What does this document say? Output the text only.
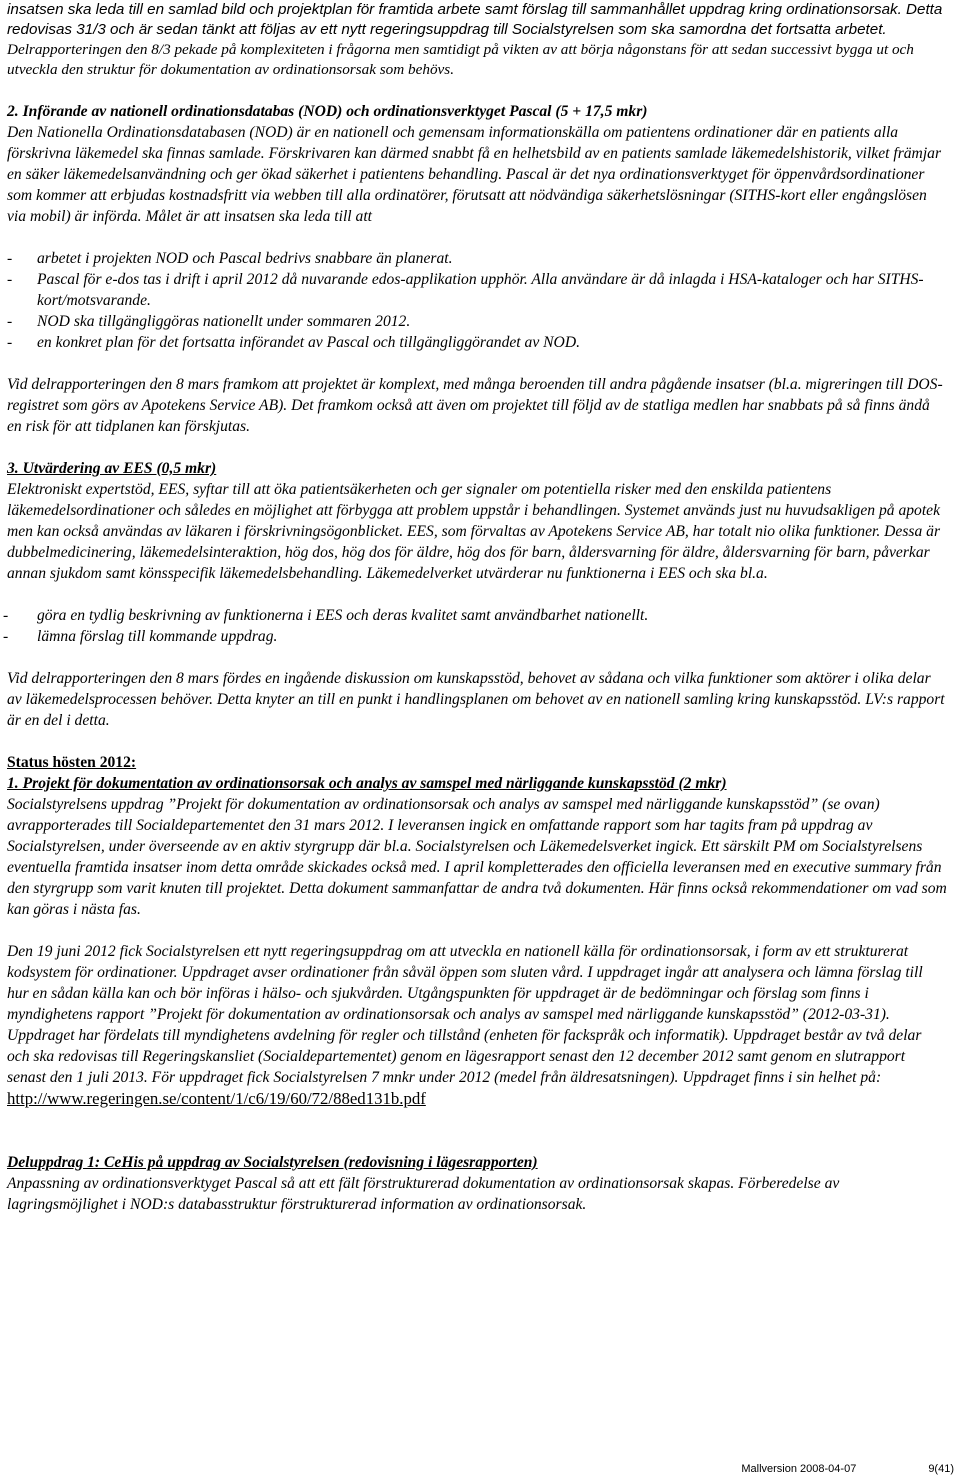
insatsen ska leda till en samlad bild och projektplan för framtida arbete samt förslag till sammanhållet uppdrag kring ordinationsorsak. Detta redovisas 31/3 och är sedan tänkt att följas av ett nytt regeringsuppdrag till Socialstyrelsen som ska samordna det fortsatta arbetet. Delrapporteringen den 8/3 pekade på komplexiteten i frågorna men samtidigt på vikten av att börja någonstans för att sedan successivt bygga ut och utveckla den struktur för dokumentation av ordinationsorsak som behövs.

2. Införande av nationell ordinationsdatabas (NOD) och ordinationsverktyget Pascal (5 + 17,5 mkr)

Den Nationella Ordinationsdatabasen (NOD) är en nationell och gemensam informationskälla om patientens ordinationer där en patients alla förskrivna läkemedel ska finnas samlade. Förskrivaren kan därmed snabbt få en helhetsbild av en patients samlade läkemedelshistorik, vilket främjar en säker läkemedelsanvändning och ger ökad säkerhet i patientens behandling. Pascal är det nya ordinationsverktyget för öppenvårdsordinationer som kommer att erbjudas kostnadsfritt via webben till alla ordinatörer, förutsatt att nödvändiga säkerhetslösningar (SITHS-kort eller engångslösen via mobil) är införda. Målet är att insatsen ska leda till att

- arbetet i projekten NOD och Pascal bedrivs snabbare än planerat.
- Pascal för e-dos tas i drift i april 2012 då nuvarande edos-applikation upphör. Alla användare är då inlagda i HSA-kataloger och har SITHS-kort/motsvarande.
- NOD ska tillgängliggöras nationellt under sommaren 2012.
- en konkret plan för det fortsatta införandet av Pascal och tillgängliggörandet av NOD.

Vid delrapporteringen den 8 mars framkom att projektet är komplext, med många beroenden till andra pågående insatser (bl.a. migreringen till DOS-registret som görs av Apotekens Service AB). Det framkom också att även om projektet till följd av de statliga medlen har snabbats på så finns ändå en risk för att tidplanen kan förskjutas.

3. Utvärdering av EES (0,5 mkr)

Elektroniskt expertstöd, EES, syftar till att öka patientsäkerheten och ger signaler om potentiella risker med den enskilda patientens läkemedelsordinationer och således en möjlighet att förbygga att problem uppstår i behandlingen. Systemet används just nu huvudsakligen på apotek men kan också användas av läkaren i förskrivningsögonblicket. EES, som förvaltas av Apotekens Service AB, har totalt nio olika funktioner. Dessa är dubbelmedicinering, läkemedelsinteraktion, hög dos, hög dos för äldre, hög dos för barn, åldersvarning för äldre, åldersvarning för barn, påverkar annan sjukdom samt könsspecifik läkemedelsbehandling. Läkemedelverket utvärderar nu funktionerna i EES och ska bl.a.

- göra en tydlig beskrivning av funktionerna i EES och deras kvalitet samt användbarhet nationellt.
- lämna förslag till kommande uppdrag.

Vid delrapporteringen den 8 mars fördes en ingående diskussion om kunskapsstöd, behovet av sådana och vilka funktioner som aktörer i olika delar av läkemedelsprocessen behöver. Detta knyter an till en punkt i handlingsplanen om behovet av en nationell samling kring kunskapsstöd. LV:s rapport är en del i detta.

Status hösten 2012:

1. Projekt för dokumentation av ordinationsorsak och analys av samspel med närliggande kunskapsstöd (2 mkr)

Socialstyrelsens uppdrag ”Projekt för dokumentation av ordinationsorsak och analys av samspel med närliggande kunskapsstöd” (se ovan) avrapporterades till Socialdepartementet den 31 mars 2012. I leveransen ingick en omfattande rapport som har tagits fram på uppdrag av Socialstyrelsen, under överseende av en aktiv styrgrupp där bl.a. Socialstyrelsen och Läkemedelsverket ingick. Ett särskilt PM om Socialstyrelsens eventuella framtida insatser inom detta område skickades också med. I april kompletterades den officiella leveransen med en executive summary från den styrgrupp som varit knuten till projektet. Detta dokument sammanfattar de andra två dokumenten. Här finns också rekommendationer om vad som kan göras i nästa fas.

Den 19 juni 2012 fick Socialstyrelsen ett nytt regeringsuppdrag om att utveckla en nationell källa för ordinationsorsak, i form av ett strukturerat kodsystem för ordinationer. Uppdraget avser ordinationer från såväl öppen som sluten vård. I uppdraget ingår att analysera och lämna förslag till hur en sådan källa kan och bör införas i hälso- och sjukvården. Utgångspunkten för uppdraget är de bedömningar och förslag som finns i myndighetens rapport ”Projekt för dokumentation av ordinationsorsak och analys av samspel med närliggande kunskapsstöd” (2012-03-31). Uppdraget har fördelats till myndighetens avdelning för regler och tillstånd (enheten för fackspråk och informatik). Uppdraget består av två delar och ska redovisas till Regeringskansliet (Socialdepartementet) genom en lägesrapport senast den 12 december 2012 samt genom en slutrapport senast den 1 juli 2013. För uppdraget fick Socialstyrelsen 7 mnkr under 2012 (medel från äldresatsningen). Uppdraget finns i sin helhet på:
http://www.regeringen.se/content/1/c6/19/60/72/88ed131b.pdf

Deluppdrag 1: CeHis på uppdrag av Socialstyrelsen (redovisning i lägesrapporten)

Anpassning av ordinationsverktyget Pascal så att ett fält förstrukturerad dokumentation av ordinationsorsak skapas. Förberedelse av lagringsmöjlighet i NOD:s databasstruktur förstrukturerad information av ordinationsorsak.

Mallversion 2008-04-07	9(41)
